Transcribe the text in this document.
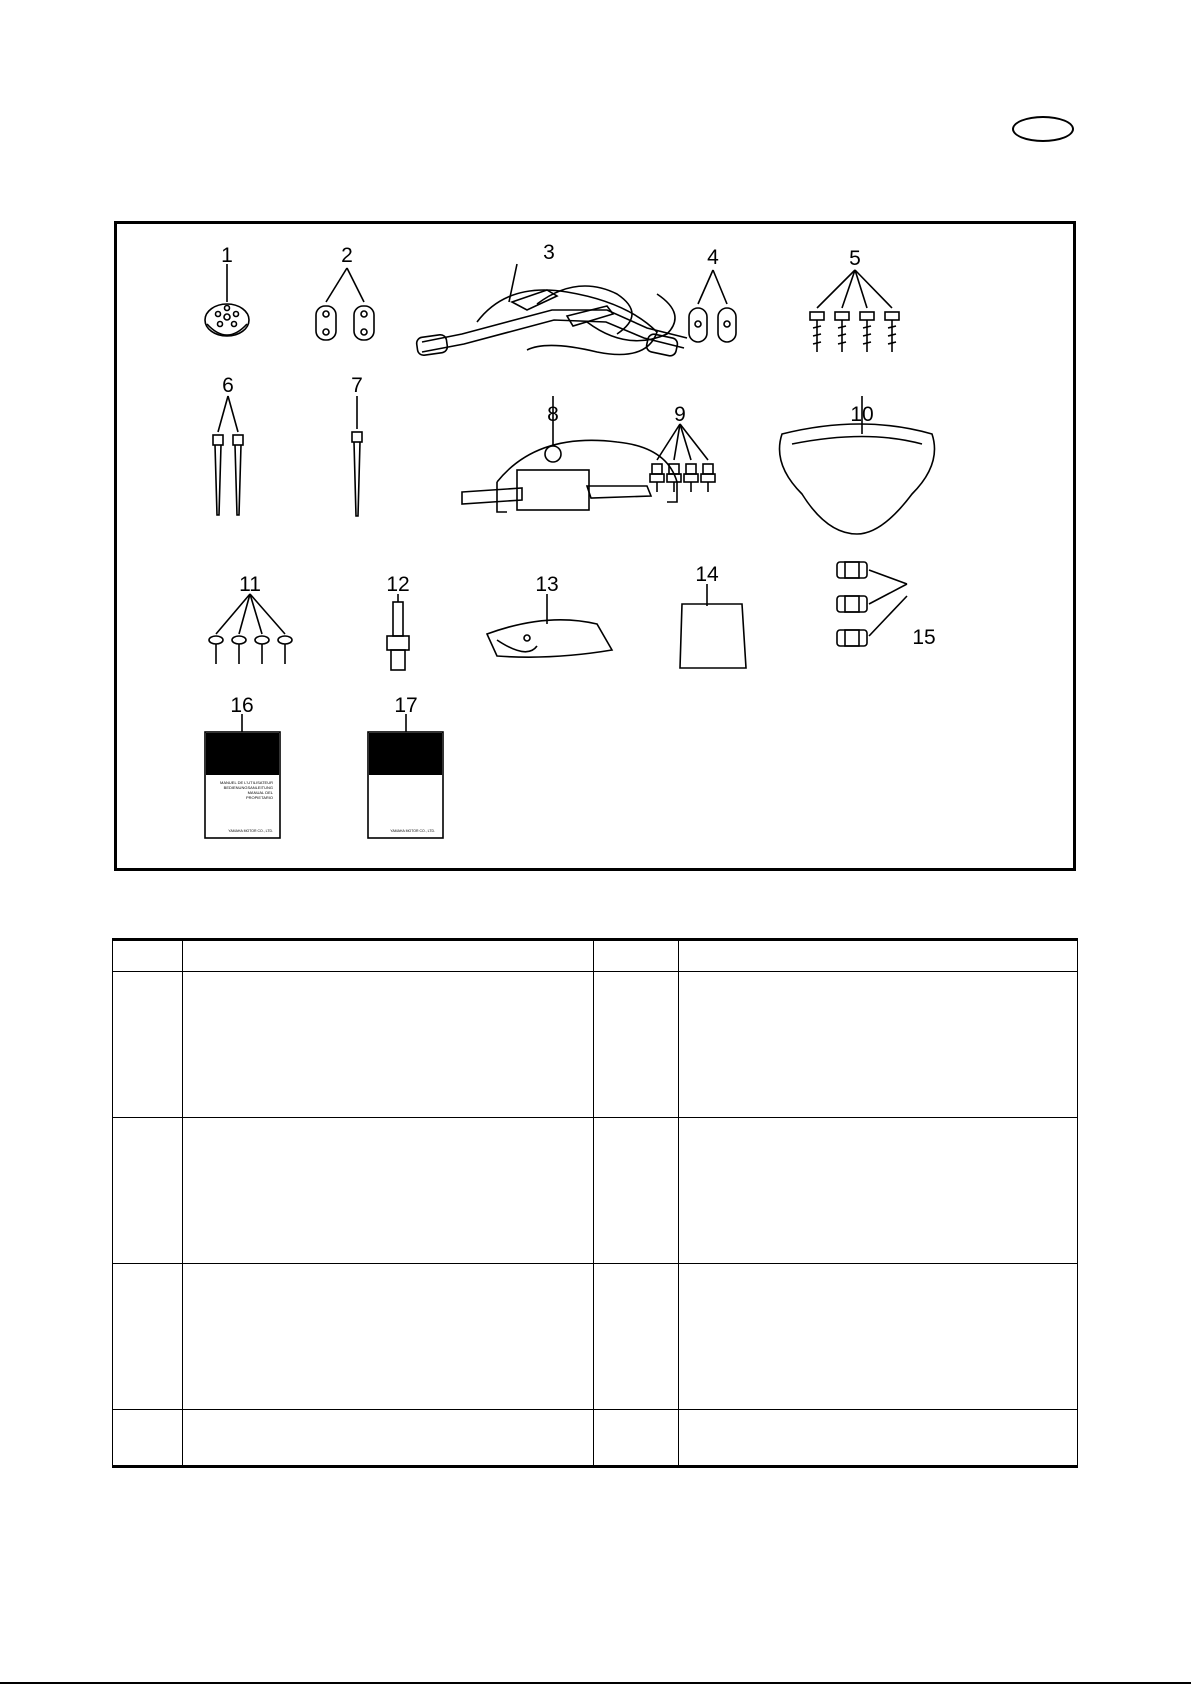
1	2	3	4	5
6	7
8	9	10
11	12	13	14
15
16	17
YAMAHA
2002
WaveRunner
GP1300R
MANUEL DE L'UTILISATEUR
BEDIENUNGSANLEITUNG
MANUAL DEL
PROPIETARIO
YAMAHA MOTOR CO., LTD.
YAMAHA
WaveRunner
GP1300R
GP1200R
GP800R
YAMAHA MOTOR CO., LTD.
